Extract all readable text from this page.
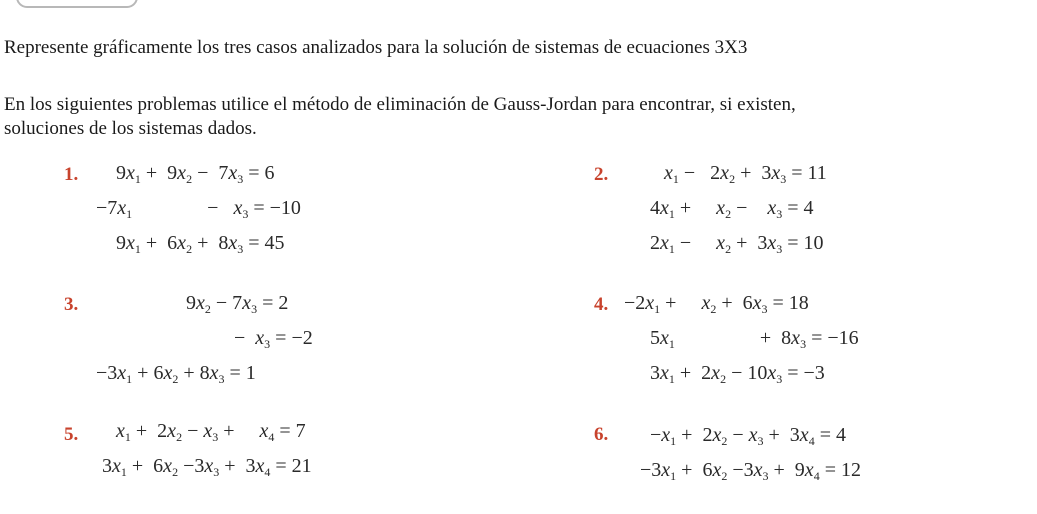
Represente gráficamente los tres casos analizados para la solución de sistemas de ecuaciones 3X3
En los siguientes problemas utilice el método de eliminación de Gauss-Jordan para encontrar, si existen,
soluciones de los sistemas dados.
1. $9x_1 + 9x_2 - 7x_3 = 6$
$-7x_1$               −   $x_3 = -10$
$9x_1 + 6x_2 + 8x_3 = 45$
2.	$x_1 - 2x_2 + 3x_3 = 11$
$4x_1$ +     $x_2$ −    $x_3 = 4$
$2x_1$ −     $x_2 + 3x_3 = 10$
3.	$9x_2 - 7x_3 = 2$
−  $x_3 = -2$
$-3x_1 + 6x_2 + 8x_3 = 1$
4. $-2x_1$ +     $x_2 + 6x_3 = 18$
$5x_1$                 +  $8x_3 = -16$
$3x_1 + 2x_2 - 10x_3 = -3$
5. $x_1 + 2x_2 - x_3$ +     $x_4 = 7$
$3x_1 + 6x_2 -3x_3 + 3x_4 = 21$
6. $-x_1 + 2x_2 - x_3 + 3x_4 = 4$
$-3x_1 + 6x_2 -3x_3 + 9x_4 = 12$
